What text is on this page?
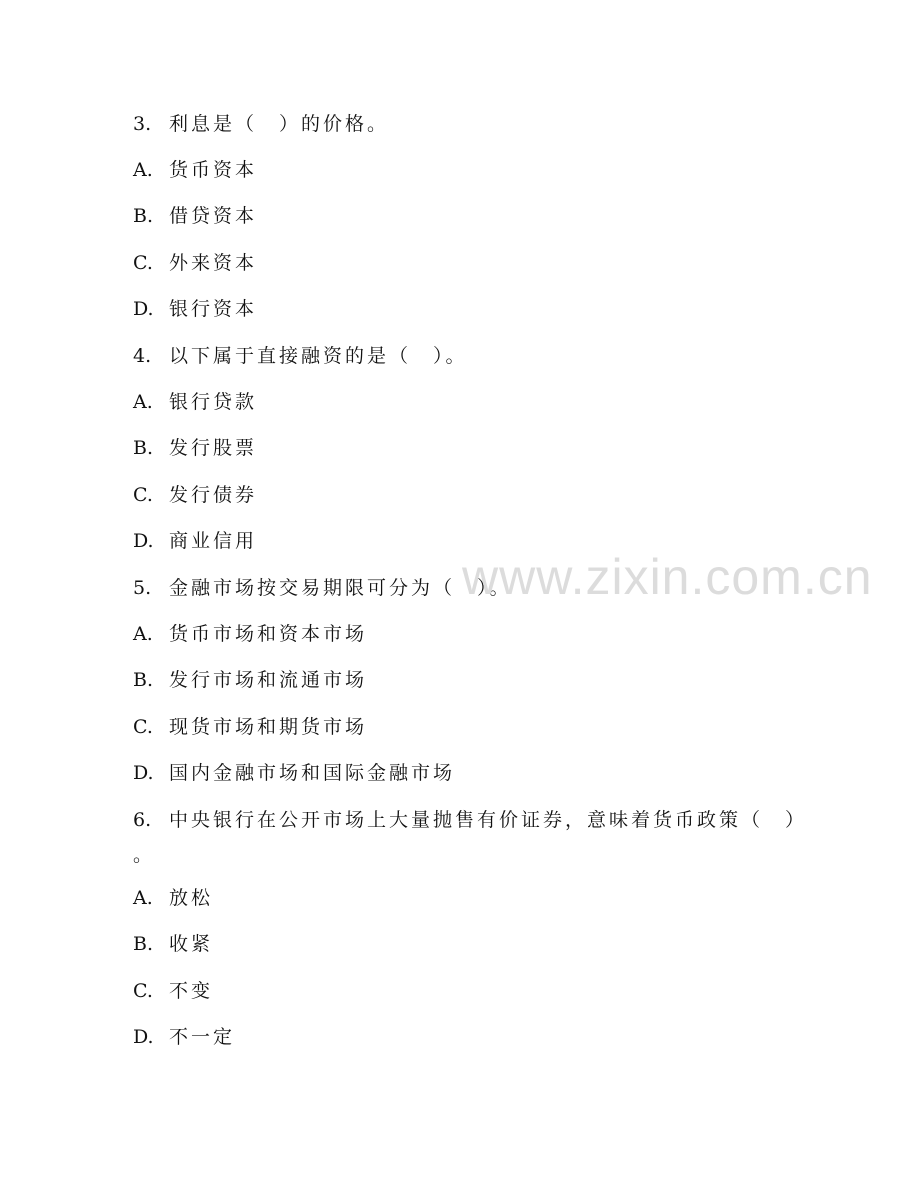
3. 利息是（　）的价格。
A. 货币资本
B. 借贷资本
C. 外来资本
D. 银行资本
4. 以下属于直接融资的是（　）。
A. 银行贷款
B. 发行股票
C. 发行债券
D. 商业信用
5. 金融市场按交易期限可分为（　）。
A. 货币市场和资本市场
B. 发行市场和流通市场
C. 现货市场和期货市场
D. 国内金融市场和国际金融市场
6. 中央银行在公开市场上大量抛售有价证券，意味着货币政策（　）
。
A. 放松
B. 收紧
C. 不变
D. 不一定
www.zixin.com.cn
